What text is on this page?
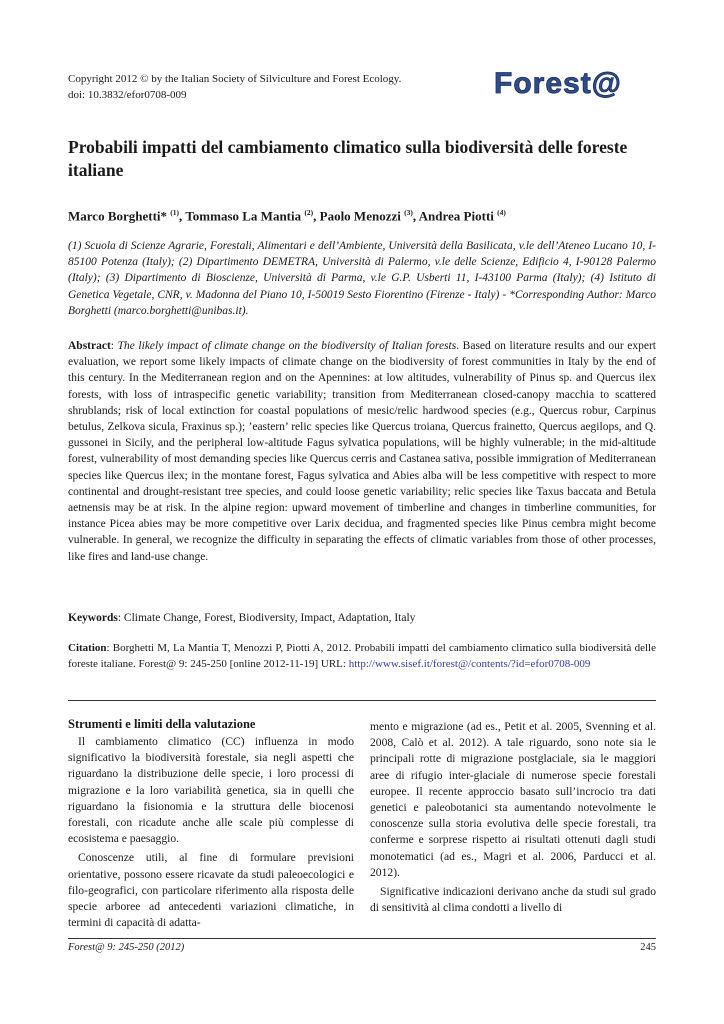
Copyright 2012 © by the Italian Society of Silviculture and Forest Ecology.
doi: 10.3832/efor0708-009	Forest@
Probabili impatti del cambiamento climatico sulla biodiversità delle foreste italiane
Marco Borghetti* $^{(1)}$, Tommaso La Mantia $^{(2)}$, Paolo Menozzi $^{(3)}$, Andrea Piotti $^{(4)}$
(1) Scuola di Scienze Agrarie, Forestali, Alimentari e dell’Ambiente, Università della Basilicata, v.le dell’Ateneo Lucano 10, I-85100 Potenza (Italy); (2) Dipartimento DEMETRA, Università di Palermo, v.le delle Scienze, Edificio 4, I-90128 Palermo (Italy); (3) Dipartimento di Bioscienze, Università di Parma, v.le G.P. Usberti 11, I-43100 Parma (Italy); (4) Istituto di Genetica Vegetale, CNR, v. Madonna del Piano 10, I-50019 Sesto Fiorentino (Firenze - Italy) - *Corresponding Author: Marco Borghetti (marco.borghetti@unibas.it).
Abstract: The likely impact of climate change on the biodiversity of Italian forests. Based on literature results and our expert evaluation, we report some likely impacts of climate change on the biodiversity of forest communities in Italy by the end of this century. In the Mediterranean region and on the Apennines: at low altitudes, vulnerability of Pinus sp. and Quercus ilex forests, with loss of intraspecific genetic variability; transition from Mediterranean closed-canopy macchia to scattered shrublands; risk of local extinction for coastal populations of mesic/relic hardwood species (e.g., Quercus robur, Carpinus betulus, Zelkova sicula, Fraxinus sp.); ’eastern’ relic species like Quercus troiana, Quercus frainetto, Quercus aegilops, and Q. gussonei in Sicily, and the peripheral low-altitude Fagus sylvatica populations, will be highly vulnerable; in the mid-altitude forest, vulnerability of most demanding species like Quercus cerris and Castanea sativa, possible immigration of Mediterranean species like Quercus ilex; in the montane forest, Fagus sylvatica and Abies alba will be less competitive with respect to more continental and drought-resistant tree species, and could loose genetic variability; relic species like Taxus baccata and Betula aetnensis may be at risk. In the alpine region: upward movement of timberline and changes in timberline communities, for instance Picea abies may be more competitive over Larix decidua, and fragmented species like Pinus cembra might become vulnerable. In general, we recognize the difficulty in separating the effects of climatic variables from those of other processes, like fires and land-use change.
Keywords: Climate Change, Forest, Biodiversity, Impact, Adaptation, Italy
Citation: Borghetti M, La Mantia T, Menozzi P, Piotti A, 2012. Probabili impatti del cambiamento climatico sulla biodiversità delle foreste italiane. Forest@ 9: 245-250 [online 2012-11-19] URL: http://www.sisef.it/forest@/contents/?id=efor0708-009
Strumenti e limiti della valutazione

Il cambiamento climatico (CC) influenza in modo significativo la biodiversità forestale, sia negli aspetti che riguardano la distribuzione delle specie, i loro processi di migrazione e la loro variabilità genetica, sia in quelli che riguardano la fisionomia e la struttura delle biocenosi forestali, con ricadute anche alle scale più complesse di ecosistema e paesaggio.

Conoscenze utili, al fine di formulare previsioni orientative, possono essere ricavate da studi paleoecologici e filo-geografici, con particolare riferimento alla risposta delle specie arboree ad antecedenti variazioni climatiche, in termini di capacità di adatta-

mento e migrazione (ad es., Petit et al. 2005, Svenning et al. 2008, Calò et al. 2012). A tale riguardo, sono note sia le principali rotte di migrazione postglaciale, sia le maggiori aree di rifugio inter-glaciale di numerose specie forestali europee. Il recente approccio basato sull’incrocio tra dati genetici e paleobotanici sta aumentando notevolmente le conoscenze sulla storia evolutiva delle specie forestali, tra conferme e sorprese rispetto ai risultati ottenuti dagli studi monotematici (ad es., Magri et al. 2006, Parducci et al. 2012).

Significative indicazioni derivano anche da studi sul grado di sensitività al clima condotti a livello di

Forest@ 9: 245-250 (2012)	245
